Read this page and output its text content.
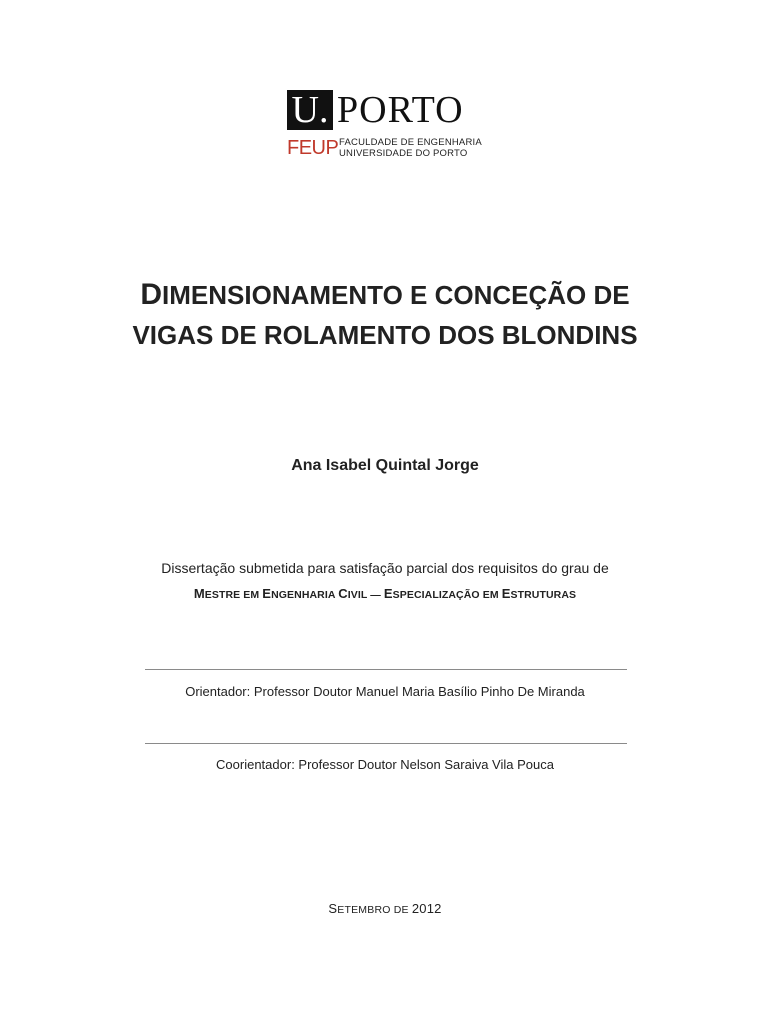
U. PORTO
FEUP FACULDADE DE ENGENHARIA
UNIVERSIDADE DO PORTO
DIMENSIONAMENTO E CONCEÇÃO DE
VIGAS DE ROLAMENTO DOS BLONDINS
Ana Isabel Quintal Jorge
Dissertação submetida para satisfação parcial dos requisitos do grau de
MESTRE EM ENGENHARIA CIVIL — ESPECIALIZAÇÃO EM ESTRUTURAS
Orientador: Professor Doutor Manuel Maria Basílio Pinho De Miranda
Coorientador: Professor Doutor Nelson Saraiva Vila Pouca
SETEMBRO DE 2012
